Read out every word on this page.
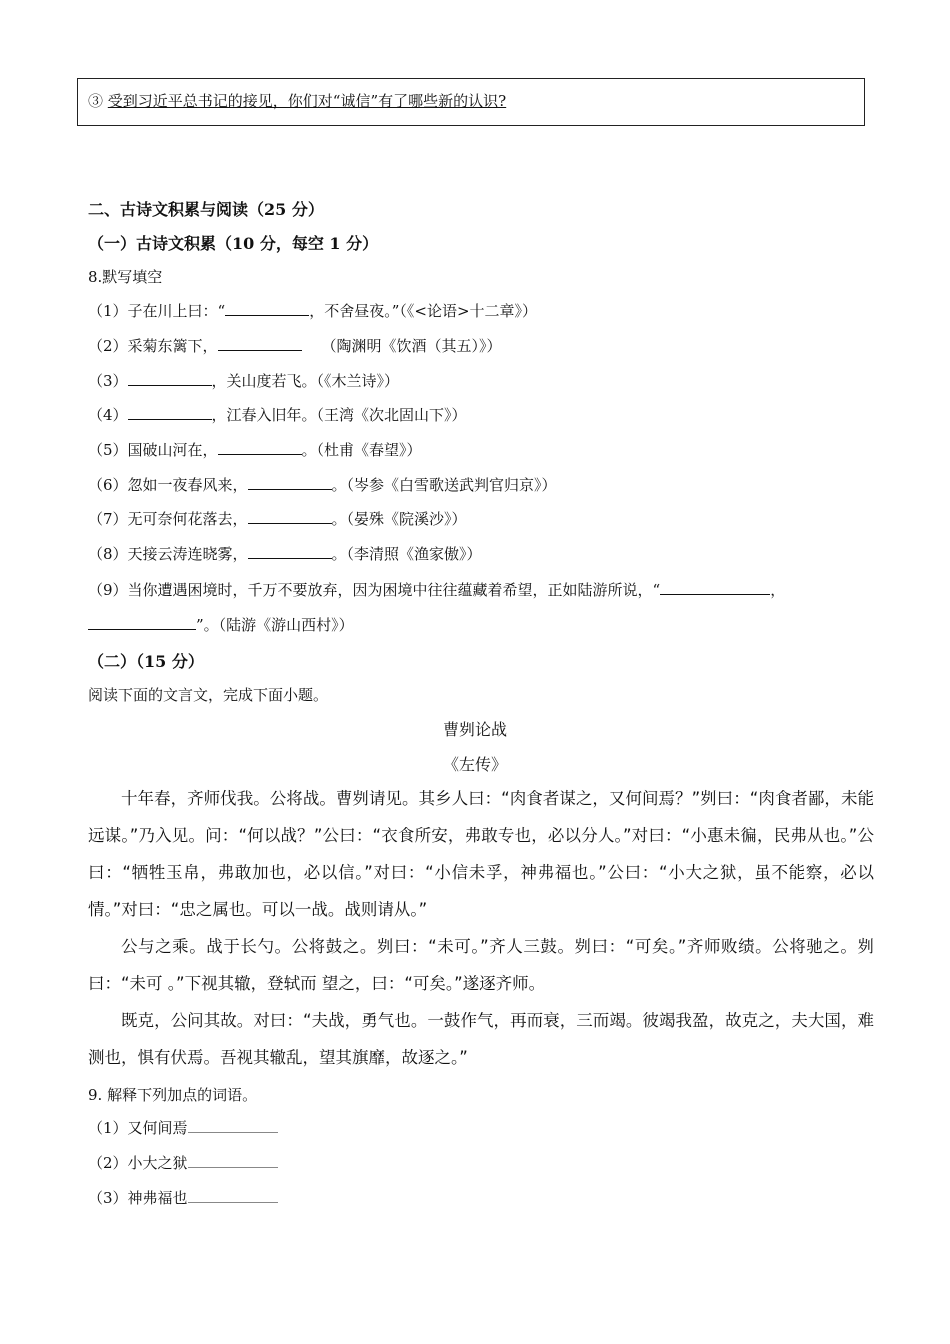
③ 受到习近平总书记的接见，你们对“诚信”有了哪些新的认识?
二、古诗文积累与阅读（25 分）
（一）古诗文积累（10 分，每空 1 分）
8.默写填空
（1）子在川上曰：“	，不舍昼夜。”（《<论语>十二章》）
（2）采菊东篱下，	（陶渊明《饮酒（其五）》）
（3）	，关山度若飞。（《木兰诗》）
（4）	，江春入旧年。（王湾《次北固山下》）
（5）国破山河在，	。（杜甫《春望》）
（6）忽如一夜春风来，	。（岑参《白雪歌送武判官归京》）
（7）无可奈何花落去，	。（晏殊《院溪沙》）
（8）天接云涛连晓雾，	。（李清照《渔家傲》）
（9）当你遭遇困境时，千万不要放弃，因为困境中往往蕴藏着希望，正如陆游所说，“	，
”。（陆游《游山西村》）
（二）（15 分）
阅读下面的文言文，完成下面小题。
曹刿论战
《左传》

十年春，齐师伐我。公将战。曹刿请见。其乡人曰：“肉食者谋之，又何间焉？”刿曰：“肉食者鄙，未能远谋。”乃入见。问：“何以战？”公曰：“衣食所安，弗敢专也，必以分人。”对曰：“小惠未徧，民弗从也。”公曰：“牺牲玉帛，弗敢加也，必以信。”对曰：“小信未孚，神弗福也。”公曰：“小大之狱，虽不能察，必以情。”对曰：“忠之属也。可以一战。战则请从。”

公与之乘。战于长勺。公将鼓之。刿曰：“未可。”齐人三鼓。刿曰：“可矣。”齐师败绩。公将驰之。刿曰：“未可 。”下视其辙，登轼而 望之，曰：“可矣。”遂逐齐师。

既克，公问其故。对曰：“夫战，勇气也。一鼓作气，再而衰，三而竭。彼竭我盈，故克之，夫大国，难测也，惧有伏焉。吾视其辙乱，望其旗靡，故逐之。”

9. 解释下列加点的词语。
（1）又何间焉
（2）小大之狱
（3）神弗福也
